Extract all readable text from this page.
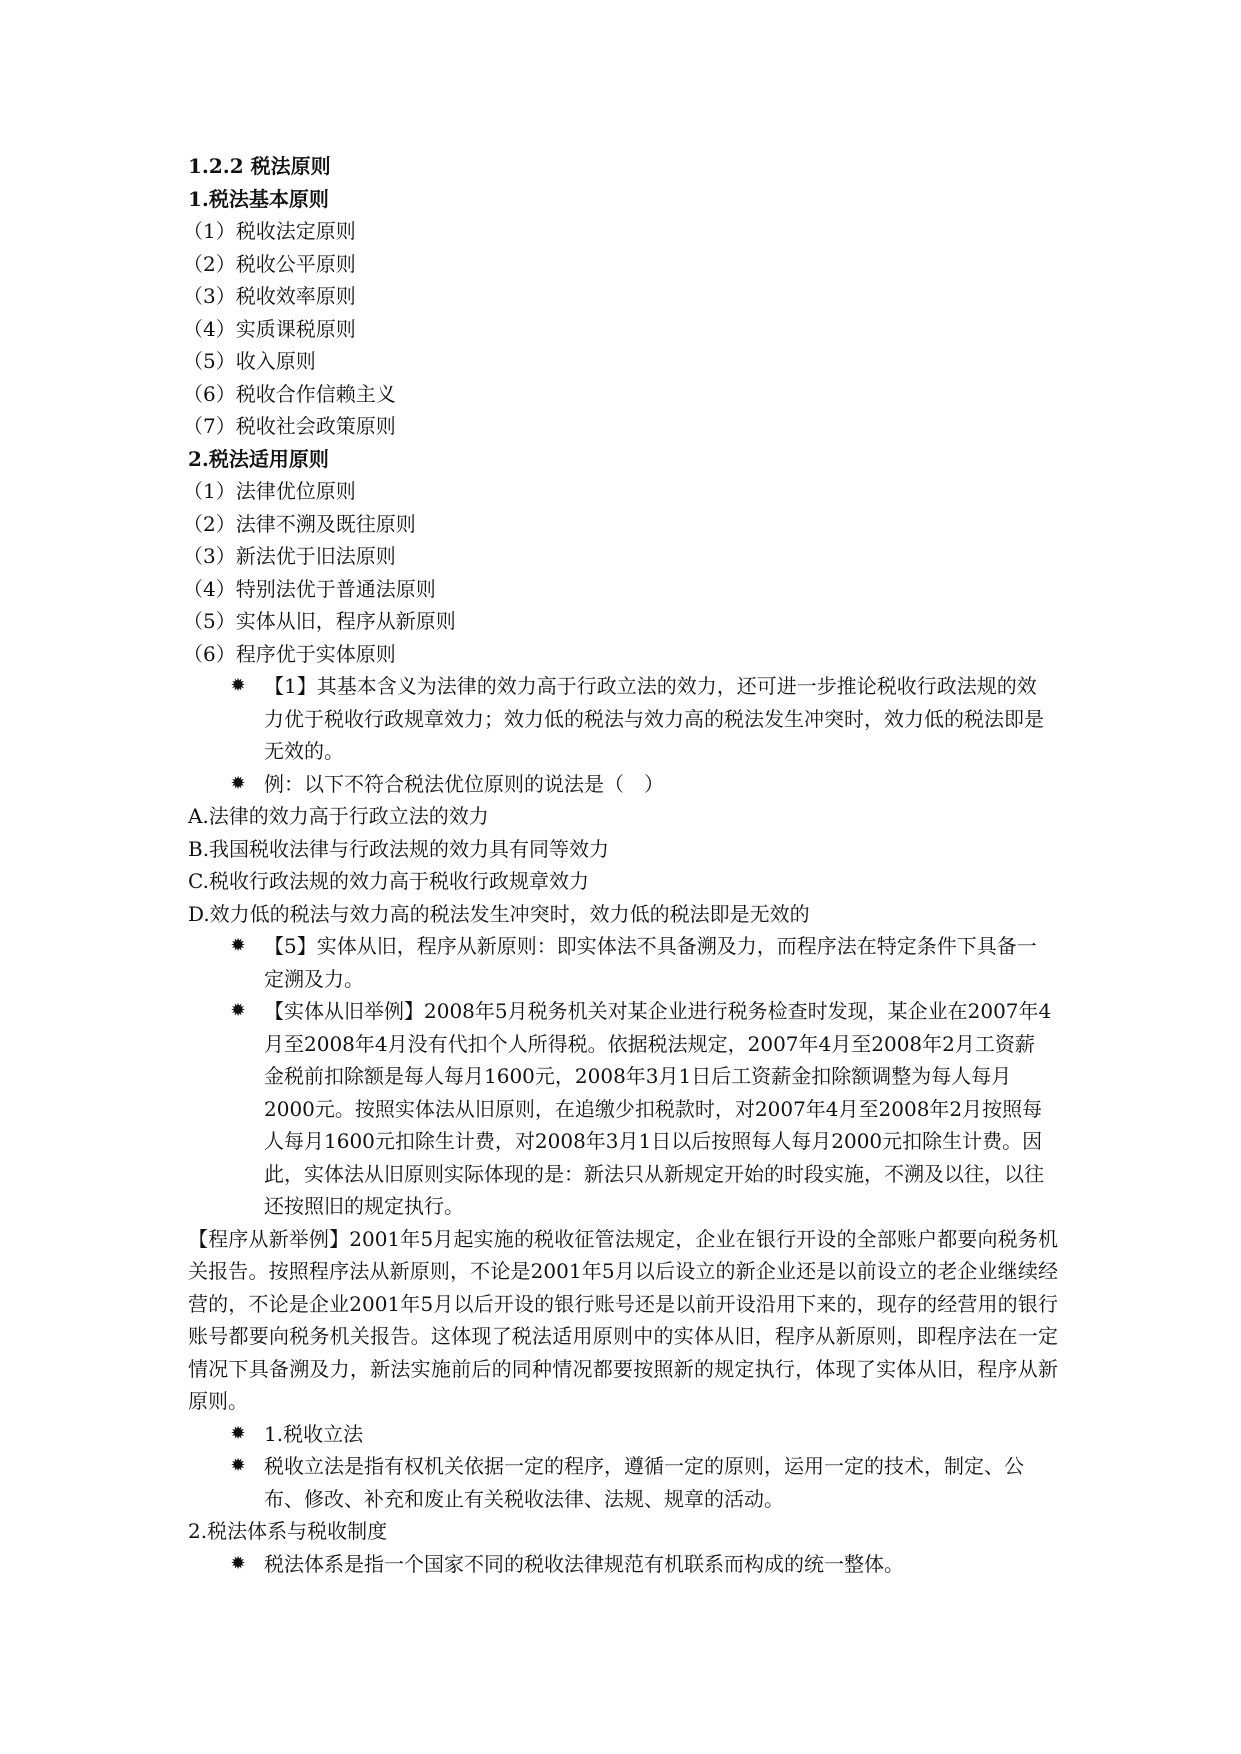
1.2.2 税法原则
1.税法基本原则
（1）税收法定原则
（2）税收公平原则
（3）税收效率原则
（4）实质课税原则
（5）收入原则
（6）税收合作信赖主义
（7）税收社会政策原则
2.税法适用原则
（1）法律优位原则
（2）法律不溯及既往原则
（3）新法优于旧法原则
（4）特别法优于普通法原则
（5）实体从旧，程序从新原则
（6）程序优于实体原则
✹ 【1】其基本含义为法律的效力高于行政立法的效力，还可进一步推论税收行政法规的效力优于税收行政规章效力；效力低的税法与效力高的税法发生冲突时，效力低的税法即是无效的。
✹ 例：以下不符合税法优位原则的说法是（　）
A.法律的效力高于行政立法的效力
B.我国税收法律与行政法规的效力具有同等效力
C.税收行政法规的效力高于税收行政规章效力
D.效力低的税法与效力高的税法发生冲突时，效力低的税法即是无效的
✹ 【5】实体从旧，程序从新原则：即实体法不具备溯及力，而程序法在特定条件下具备一定溯及力。
✹ 【实体从旧举例】2008年5月税务机关对某企业进行税务检查时发现，某企业在2007年4月至2008年4月没有代扣个人所得税。依据税法规定，2007年4月至2008年2月工资薪金税前扣除额是每人每月1600元，2008年3月1日后工资薪金扣除额调整为每人每月2000元。按照实体法从旧原则，在追缴少扣税款时，对2007年4月至2008年2月按照每人每月1600元扣除生计费，对2008年3月1日以后按照每人每月2000元扣除生计费。因此，实体法从旧原则实际体现的是：新法只从新规定开始的时段实施，不溯及以往，以往还按照旧的规定执行。
【程序从新举例】2001年5月起实施的税收征管法规定，企业在银行开设的全部账户都要向税务机关报告。按照程序法从新原则，不论是2001年5月以后设立的新企业还是以前设立的老企业继续经营的，不论是企业2001年5月以后开设的银行账号还是以前开设沿用下来的，现存的经营用的银行账号都要向税务机关报告。这体现了税法适用原则中的实体从旧，程序从新原则，即程序法在一定情况下具备溯及力，新法实施前后的同种情况都要按照新的规定执行，体现了实体从旧，程序从新原则。
✹ 1.税收立法
✹ 税收立法是指有权机关依据一定的程序，遵循一定的原则，运用一定的技术，制定、公布、修改、补充和废止有关税收法律、法规、规章的活动。
2.税法体系与税收制度
✹ 税法体系是指一个国家不同的税收法律规范有机联系而构成的统一整体。
